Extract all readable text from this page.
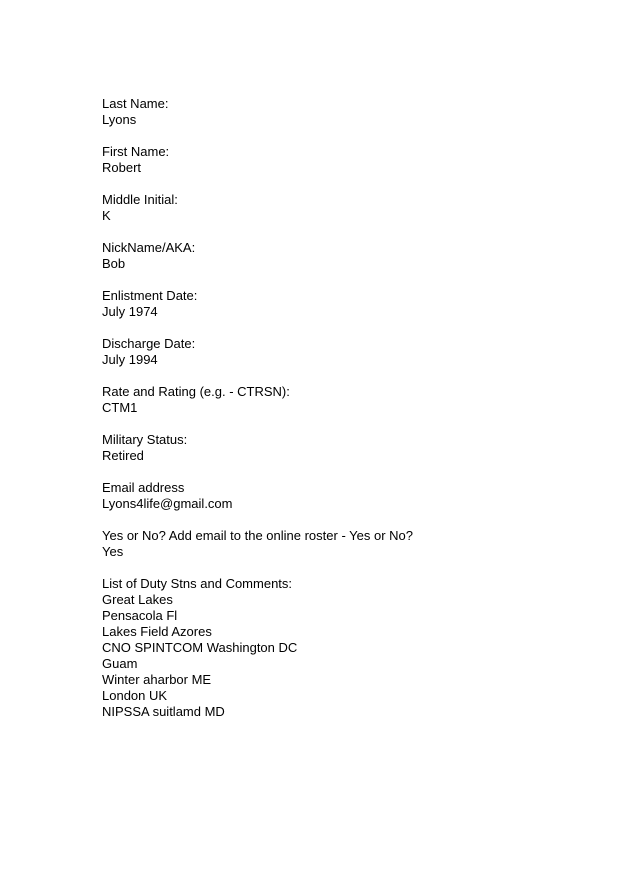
Last Name:
Lyons
First Name:
Robert
Middle Initial:
K
NickName/AKA:
Bob
Enlistment Date:
July 1974
Discharge Date:
July 1994
Rate and Rating (e.g. - CTRSN):
CTM1
Military Status:
Retired
Email address
Lyons4life@gmail.com
Yes or No? Add email to the online roster - Yes or No?
Yes
List of Duty Stns and Comments:
Great Lakes
Pensacola Fl
Lakes Field Azores
CNO SPINTCOM Washington DC
Guam
Winter aharbor ME
London UK
NIPSSA suitlamd MD
